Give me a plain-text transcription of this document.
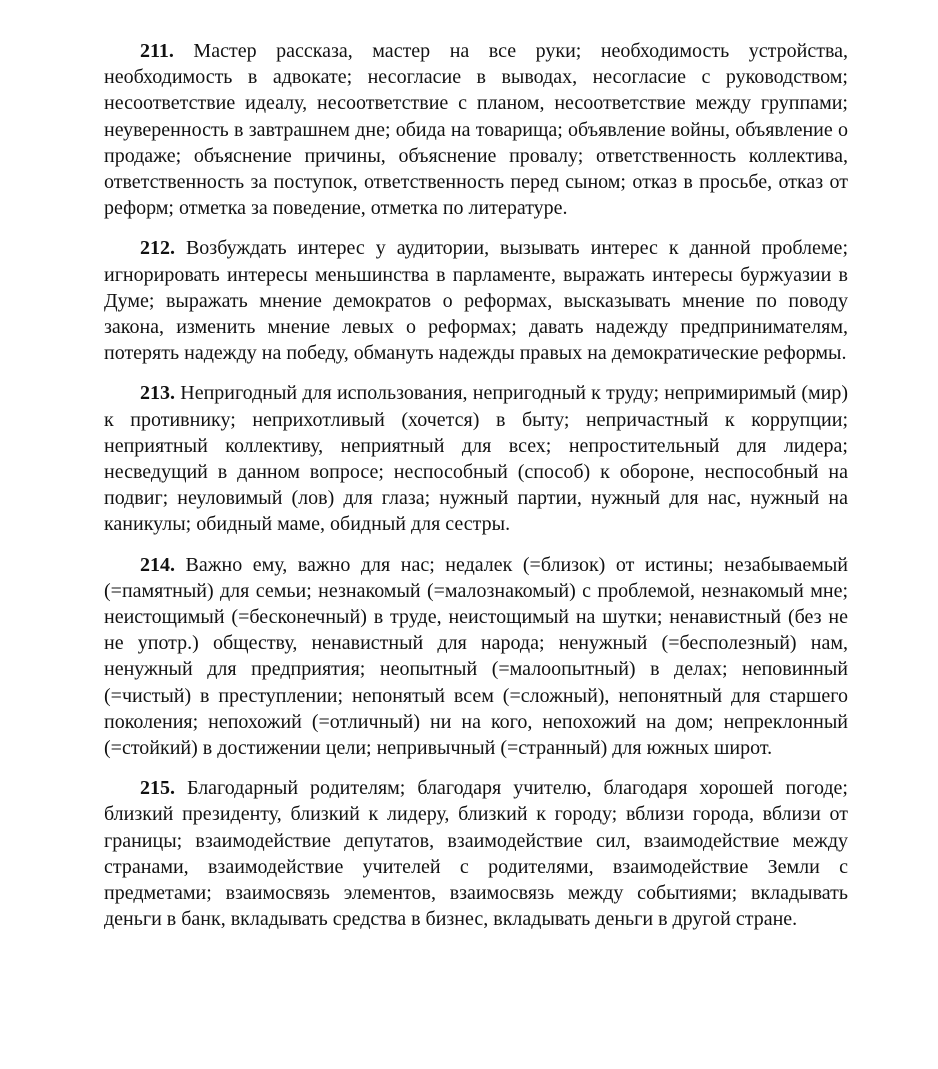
211. Мастер рассказа, мастер на все руки; необходимость устройства, необходимость в адвокате; несогласие в выводах, несогласие с руководством; несоответствие идеалу, несоответствие с планом, несоответствие между группами; неуверенность в завтрашнем дне; обида на товарища; объявление войны, объявление о продаже; объяснение причины, объяснение провалу; ответственность коллектива, ответственность за поступок, ответственность перед сыном; отказ в просьбе, отказ от реформ; отметка за поведение, отметка по литературе.

212. Возбуждать интерес у аудитории, вызывать интерес к данной проблеме; игнорировать интересы меньшинства в парламенте, выражать интересы буржуазии в Думе; выражать мнение демократов о реформах, высказывать мнение по поводу закона, изменить мнение левых о реформах; давать надежду предпринимателям, потерять надежду на победу, обмануть надежды правых на демократические реформы.

213. Непригодный для использования, непригодный к труду; непримиримый (мир) к противнику; неприхотливый (хочется) в быту; непричастный к коррупции; неприятный коллективу, неприятный для всех; непростительный для лидера; несведущий в данном вопросе; неспособный (способ) к обороне, неспособный на подвиг; неуловимый (лов) для глаза; нужный партии, нужный для нас, нужный на каникулы; обидный маме, обидный для сестры.

214. Важно ему, важно для нас; недалек (=близок) от истины; незабываемый (=памятный) для семьи; незнакомый (=малознакомый) с проблемой, незнакомый мне; неистощимый (=бесконечный) в труде, неистощимый на шутки; ненавистный (без не не употр.) обществу, ненавистный для народа; ненужный (=бесполезный) нам, ненужный для предприятия; неопытный (=малоопытный) в делах; неповинный (=чистый) в преступлении; непонятый всем (=сложный), непонятный для старшего поколения; непохожий (=отличный) ни на кого, непохожий на дом; непреклонный (=стойкий) в достижении цели; непривычный (=странный) для южных широт.

215. Благодарный родителям; благодаря учителю, благодаря хорошей погоде; близкий президенту, близкий к лидеру, близкий к городу; вблизи города, вблизи от границы; взаимодействие депутатов, взаимодействие сил, взаимодействие между странами, взаимодействие учителей с родителями, взаимодействие Земли с предметами; взаимосвязь элементов, взаимосвязь между событиями; вкладывать деньги в банк, вкладывать средства в бизнес, вкладывать деньги в другой стране.
